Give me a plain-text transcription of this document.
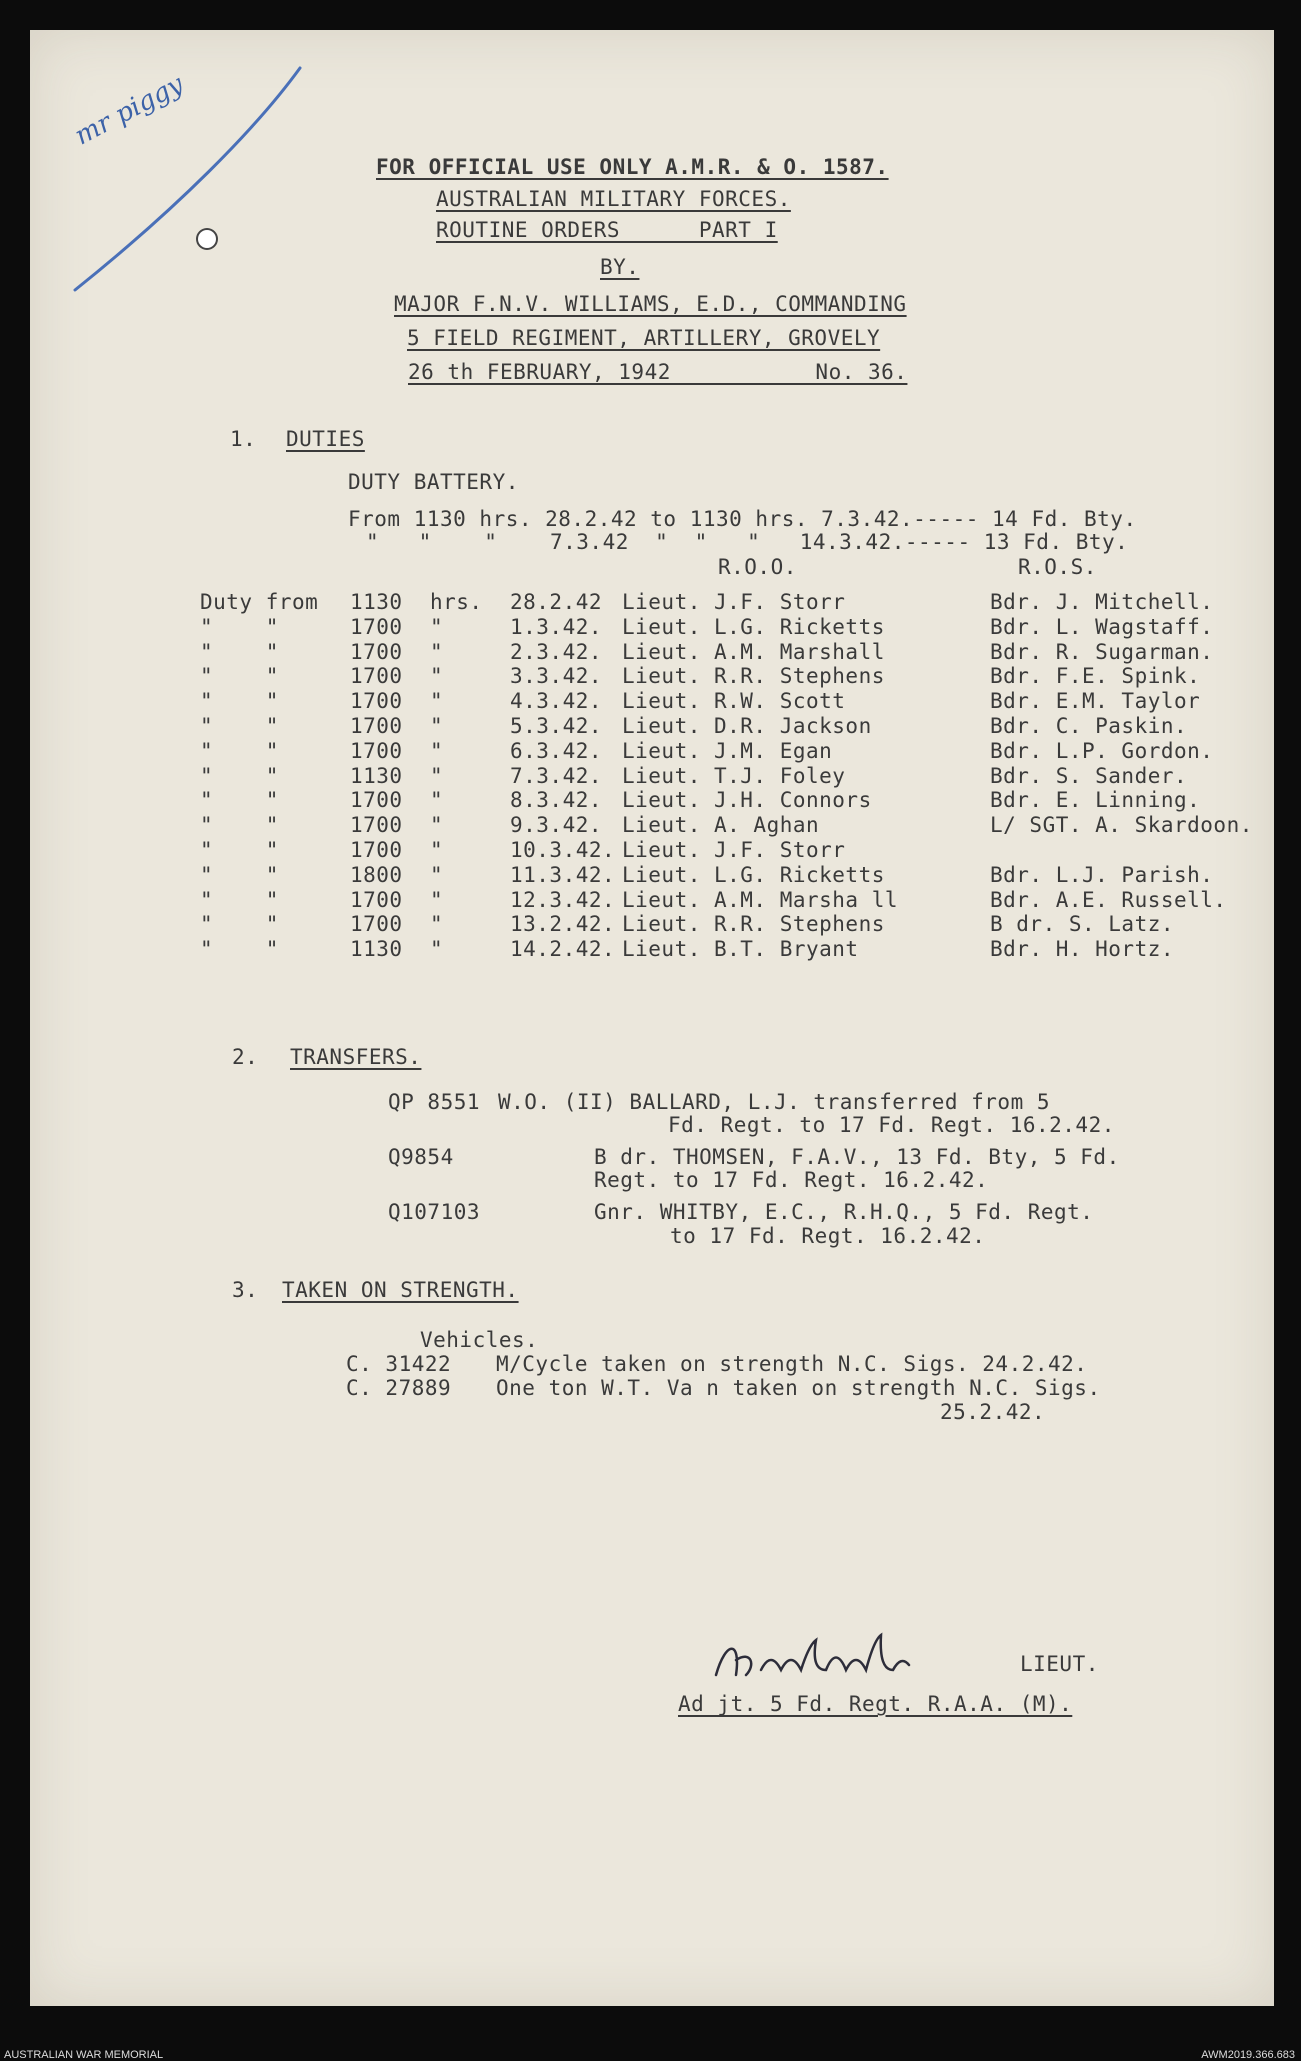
mr piggy
FOR OFFICIAL USE ONLY A.M.R. & O. 1587.
AUSTRALIAN MILITARY FORCES.
ROUTINE ORDERS      PART I
BY.
MAJOR F.N.V. WILLIAMS, E.D., COMMANDING
5 FIELD REGIMENT, ARTILLERY, GROVELY
26 th FEBRUARY, 1942           No. 36.
1. DUTIES
DUTY BATTERY.
From 1130 hrs. 28.2.42 to 1130 hrs. 7.3.42.----- 14 Fd. Bty.
"   "    "    7.3.42  "  "   "   14.3.42.----- 13 Fd. Bty.
R.O.O.	R.O.S.
2. TRANSFERS.
QP 8551 W.O. (II) BALLARD, L.J. transferred from 5
Fd. Regt. to 17 Fd. Regt. 16.2.42.
Q9854	B dr. THOMSEN, F.A.V., 13 Fd. Bty, 5 Fd.
Regt. to 17 Fd. Regt. 16.2.42.
Q107103	Gnr. WHITBY, E.C., R.H.Q., 5 Fd. Regt.
to 17 Fd. Regt. 16.2.42.
3. TAKEN ON STRENGTH.
Vehicles.
C. 31422 M/Cycle taken on strength N.C. Sigs. 24.2.42.
C. 27889 One ton W.T. Va n taken on strength N.C. Sigs.
25.2.42.
LIEUT.
Ad jt. 5 Fd. Regt. R.A.A. (M).
Duty from 1130 hrs. 28.2.42 Lieut. J.F. Storr	Bdr. J. Mitchell.
"    "	1700 "	1.3.42. Lieut. L.G. Ricketts	Bdr. L. Wagstaff.
"    "	1700 "	2.3.42. Lieut. A.M. Marshall	Bdr. R. Sugarman.
"    "	1700 "	3.3.42. Lieut. R.R. Stephens	Bdr. F.E. Spink.
"    "	1700 "	4.3.42. Lieut. R.W. Scott	Bdr. E.M. Taylor
"    "	1700 "	5.3.42. Lieut. D.R. Jackson	Bdr. C. Paskin.
"    "	1700 "	6.3.42. Lieut. J.M. Egan	Bdr. L.P. Gordon.
"    "	1130 "	7.3.42. Lieut. T.J. Foley	Bdr. S. Sander.
"    "	1700 "	8.3.42. Lieut. J.H. Connors	Bdr. E. Linning.
"    "	1700 "	9.3.42. Lieut. A. Aghan	L/ SGT. A. Skardoon.
"    "	1700 "	10.3.42. Lieut. J.F. Storr
"    "	1800 "	11.3.42. Lieut. L.G. Ricketts	Bdr. L.J. Parish.
"    "	1700 "	12.3.42. Lieut. A.M. Marsha ll	Bdr. A.E. Russell.
"    "	1700 "	13.2.42. Lieut. R.R. Stephens	B dr. S. Latz.
"    "	1130 "	14.2.42. Lieut. B.T. Bryant	Bdr. H. Hortz.
AUSTRALIAN WAR MEMORIAL	AWM2019.366.683
